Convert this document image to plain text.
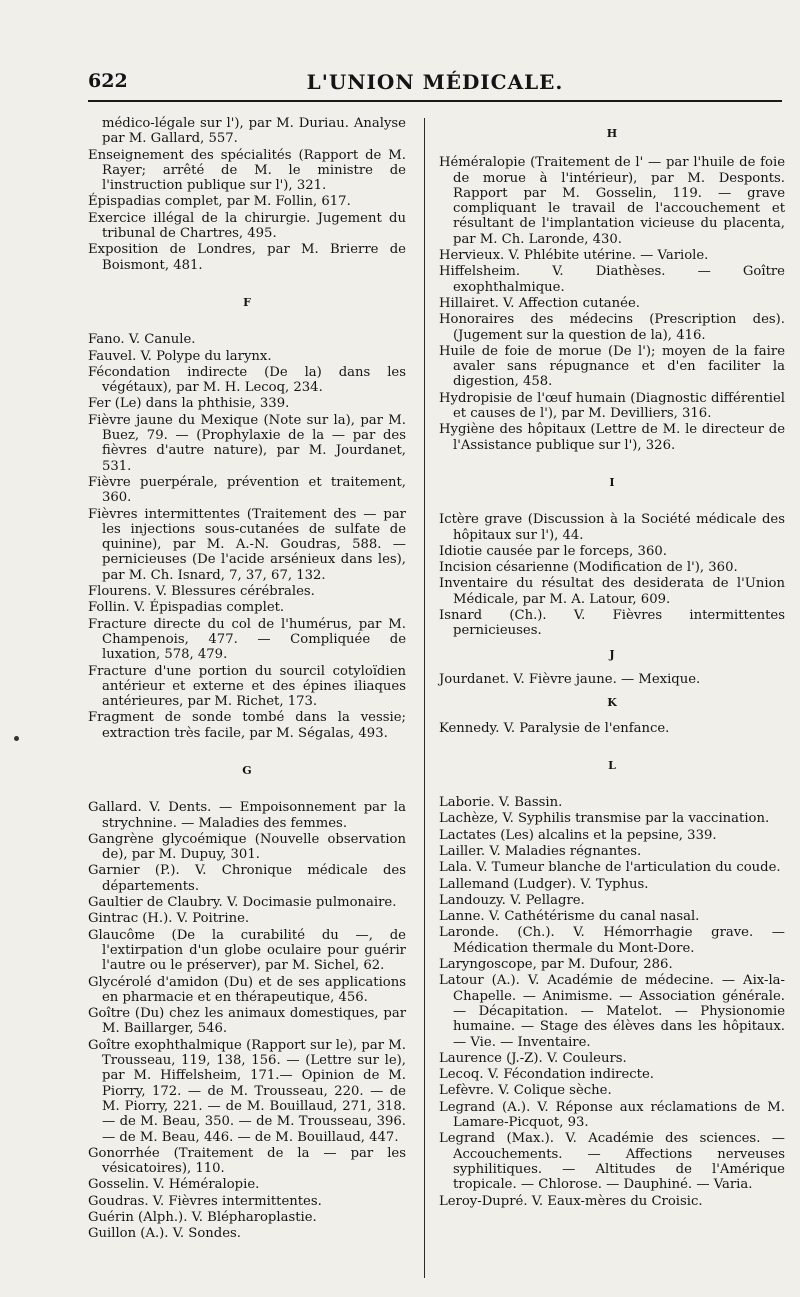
L'UNION MÉDICALE.
622

médico-légale sur l'), par M. Duriau. Analyse par M. Gallard, 557.

Enseignement des spécialités (Rapport de M. Rayer; arrêté de M. le ministre de l'instruction publique sur l'), 321.

Épispadias complet, par M. Follin, 617.

Exercice illégal de la chirurgie. Jugement du tribunal de Chartres, 495.

Exposition de Londres, par M. Brierre de Boismont, 481.

F

Fano. V. Canule.

Fauvel. V. Polype du larynx.

Fécondation indirecte (De la) dans les végétaux), par M. H. Lecoq, 234.

Fer (Le) dans la phthisie, 339.

Fièvre jaune du Mexique (Note sur la), par M. Buez, 79. — (Prophylaxie de la — par des fièvres d'autre nature), par M. Jourdanet, 531.

Fièvre puerpérale, prévention et traitement, 360.

Fièvres intermittentes (Traitement des — par les injections sous-cutanées de sulfate de quinine), par M. A.-N. Goudras, 588. — pernicieuses (De l'acide arsénieux dans les), par M. Ch. Isnard, 7, 37, 67, 132.

Flourens. V. Blessures cérébrales.

Follin. V. Épispadias complet.

Fracture directe du col de l'humérus, par M. Champenois, 477. — Compliquée de luxation, 578, 479.

Fracture d'une portion du sourcil cotyloïdien antérieur et externe et des épines iliaques antérieures, par M. Richet, 173.

Fragment de sonde tombé dans la vessie; extraction très facile, par M. Ségalas, 493.

G

Gallard. V. Dents. — Empoisonnement par la strychnine. — Maladies des femmes.

Gangrène glycoémique (Nouvelle observation de), par M. Dupuy, 301.

Garnier (P.). V. Chronique médicale des départements.

Gaultier de Claubry. V. Docimasie pulmonaire.

Gintrac (H.). V. Poitrine.

Glaucôme (De la curabilité du —, de l'extirpation d'un globe oculaire pour guérir l'autre ou le préserver), par M. Sichel, 62.

Glycérolé d'amidon (Du) et de ses applications en pharmacie et en thérapeutique, 456.

Goître (Du) chez les animaux domestiques, par M. Baillarger, 546.

Goître exophthalmique (Rapport sur le), par M. Trousseau, 119, 138, 156. — (Lettre sur le), par M. Hiffelsheim, 171.— Opinion de M. Piorry, 172. — de M. Trousseau, 220. — de M. Piorry, 221. — de M. Bouillaud, 271, 318. — de M. Beau, 350. — de M. Trousseau, 396. — de M. Beau, 446. — de M. Bouillaud, 447.

Gonorrhée (Traitement de la — par les vésicatoires), 110.

Gosselin. V. Héméralopie.

Goudras. V. Fièvres intermittentes.

Guérin (Alph.). V. Blépharoplastie.

Guillon (A.). V. Sondes.

H

Héméralopie (Traitement de l' — par l'huile de foie de morue à l'intérieur), par M. Desponts. Rapport par M. Gosselin, 119. — grave compliquant le travail de l'accouchement et résultant de l'implantation vicieuse du placenta, par M. Ch. Laronde, 430.

Hervieux. V. Phlébite utérine. — Variole.

Hiffelsheim. V. Diathèses. — Goître exophthalmique.

Hillairet. V. Affection cutanée.

Honoraires des médecins (Prescription des). (Jugement sur la question de la), 416.

Huile de foie de morue (De l'); moyen de la faire avaler sans répugnance et d'en faciliter la digestion, 458.

Hydropisie de l'œuf humain (Diagnostic différentiel et causes de l'), par M. Devilliers, 316.

Hygiène des hôpitaux (Lettre de M. le directeur de l'Assistance publique sur l'), 326.

I

Ictère grave (Discussion à la Société médicale des hôpitaux sur l'), 44.

Idiotie causée par le forceps, 360.

Incision césarienne (Modification de l'), 360.

Inventaire du résultat des desiderata de l'Union Médicale, par M. A. Latour, 609.

Isnard (Ch.). V. Fièvres intermittentes pernicieuses.

J

Jourdanet. V. Fièvre jaune. — Mexique.

K

Kennedy. V. Paralysie de l'enfance.

L

Laborie. V. Bassin.

Lachèze, V. Syphilis transmise par la vaccination.

Lactates (Les) alcalins et la pepsine, 339.

Lailler. V. Maladies régnantes.

Lala. V. Tumeur blanche de l'articulation du coude.

Lallemand (Ludger). V. Typhus.

Landouzy. V. Pellagre.

Lanne. V. Cathétérisme du canal nasal.

Laronde. (Ch.). V. Hémorrhagie grave. — Médication thermale du Mont-Dore.

Laryngoscope, par M. Dufour, 286.

Latour (A.). V. Académie de médecine. — Aix-la-Chapelle. — Animisme. — Association générale. — Décapitation. — Matelot. — Physionomie humaine. — Stage des élèves dans les hôpitaux. — Vie. — Inventaire.

Laurence (J.-Z). V. Couleurs.

Lecoq. V. Fécondation indirecte.

Lefèvre. V. Colique sèche.

Legrand (A.). V. Réponse aux réclamations de M. Lamare-Picquot, 93.

Legrand (Max.). V. Académie des sciences. — Accouchements. — Affections nerveuses syphilitiques. — Altitudes de l'Amérique tropicale. — Chlorose. — Dauphiné. — Varia.

Leroy-Dupré. V. Eaux-mères du Croisic.
